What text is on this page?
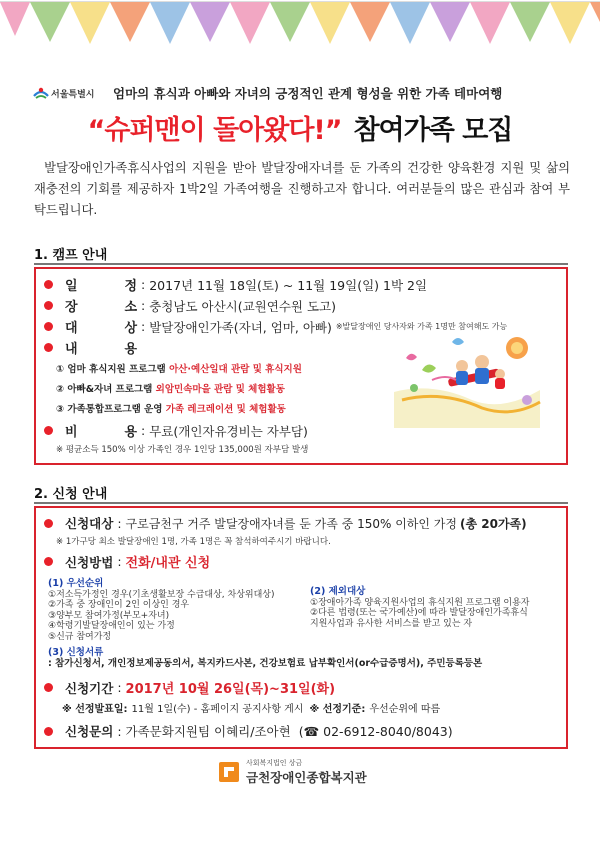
서울특별시 엄마의 휴식과 아빠와 자녀의 긍정적인 관계 형성을 위한 가족 테마여행
“슈퍼맨이 돌아왔다!” 참여가족 모집
발달장애인가족휴식사업의 지원을 받아 발달장애자녀를 둔 가족의 건강한 양육환경 지원 및 삶의 재충전의 기회를 제공하자 1박2일 가족여행을 진행하고자 합니다. 여러분들의 많은 관심과 참여 부탁드립니다.
1. 캠프 안내
일	정 : 2017년 11월 18일(토) ~ 11월 19일(일) 1박 2일
장	소 : 충청남도 아산시(교원연수원 도고)
대	상 : 발달장애인가족(자녀, 엄마, 아빠) ※발달장애인 당사자와 가족 1명만 참여해도 가능
내	용
① 엄마 휴식지원 프로그램 아산·예산일대 관람 및 휴식지원
② 아빠&자녀 프로그램 외암민속마을 관람 및 체험활동
③ 가족통합프로그램 운영 가족 레크레이션 및 체험활동
비	용 : 무료(개인자유경비는 자부담)
※ 평균소득 150% 이상 가족인 경우 1인당 135,000원 자부담 발생
2. 신청 안내
신청대상 : 구로금천구 거주 발달장애자녀를 둔 가족 중 150% 이하인 가정 (총 20가족)
※ 1가구당 최소 발달장애인 1명, 가족 1명은 꼭 참석하여주시기 바랍니다.
신청방법 : 전화/내관 신청
(1) 우선순위
①저소득가정인 경우(기초생활보장 수급대상, 차상위대상)
②가족 중 장애인이 2인 이상인 경우
③양부모 참여가정(부모+자녀)
④학령기발달장애인이 있는 가정
⑤신규 참여가정
(2) 제외대상
①장애아가족 양육지원사업의 휴식지원 프로그램 이용자
②다른 법령(또는 국가예산)에 따라 발달장애인가족휴식
지원사업과 유사한 서비스를 받고 있는 자
(3) 신청서류
: 참가신청서, 개인정보제공동의서, 복지카드사본, 건강보험료 납부확인서(or수급증명서), 주민등록등본
신청기간 : 2017년 10월 26일(목)~31일(화)
※ 선정발표일: 11월 1일(수) - 홈페이지 공지사항 게시 ※ 선정기준: 우선순위에 따름
신청문의 : 가족문화지원팀 이혜리/조아현 (☎ 02-6912-8040/8043)
사회복지법인 상금
금천장애인종합복지관
